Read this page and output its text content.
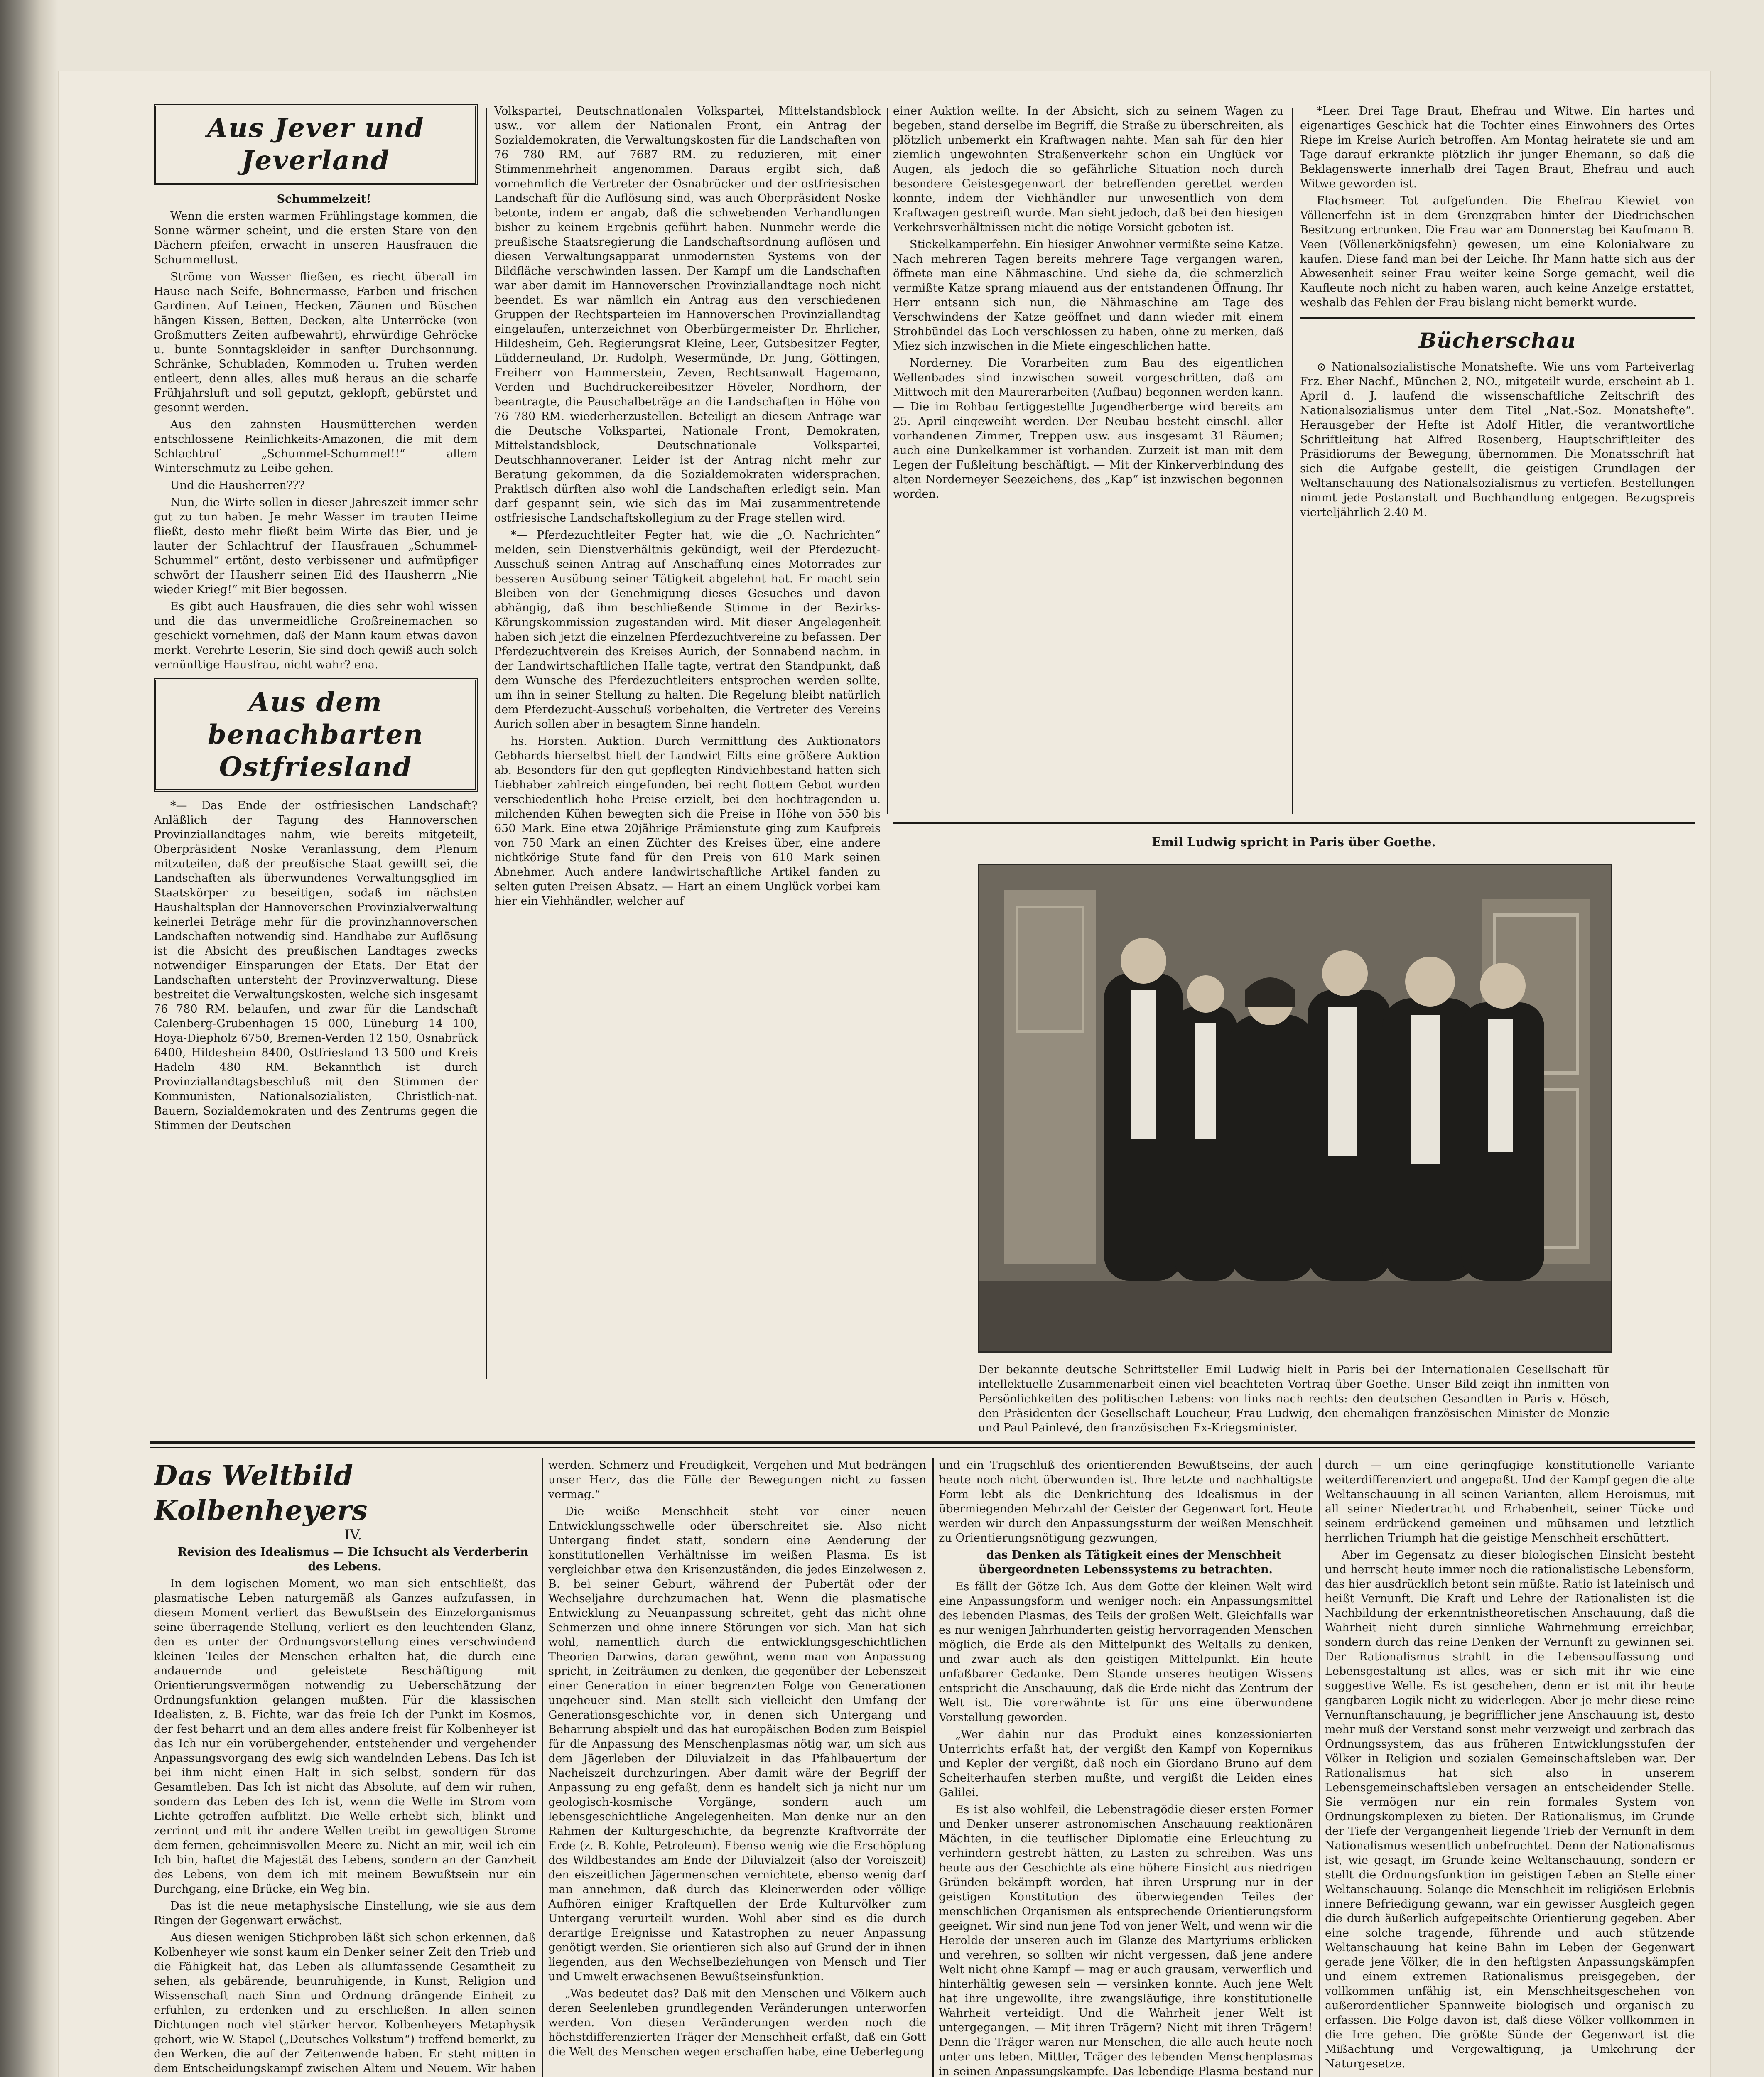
Aus Jever und Jeverland

Schummelzeit!

Wenn die ersten warmen Frühlingstage kommen, die Sonne wärmer scheint, und die ersten Stare von den Dächern pfeifen, erwacht in unseren Hausfrauen die Schummellust.

Ströme von Wasser fließen, es riecht überall im Hause nach Seife, Bohnermasse, Farben und frischen Gardinen. Auf Leinen, Hecken, Zäunen und Büschen hängen Kissen, Betten, Decken, alte Unterröcke (von Großmutters Zeiten aufbewahrt), ehrwürdige Gehröcke u. bunte Sonntagskleider in sanfter Durchsonnung. Schränke, Schubladen, Kommoden u. Truhen werden entleert, denn alles, alles muß heraus an die scharfe Frühjahrsluft und soll geputzt, geklopft, gebürstet und gesonnt werden.

Aus den zahnsten Hausmütterchen werden entschlossene Reinlichkeits-Amazonen, die mit dem Schlachtruf „Schummel-Schummel!!“ allem Winterschmutz zu Leibe gehen.

Und die Hausherren???

Nun, die Wirte sollen in dieser Jahreszeit immer sehr gut zu tun haben. Je mehr Wasser im trauten Heime fließt, desto mehr fließt beim Wirte das Bier, und je lauter der Schlachtruf der Hausfrauen „Schummel-Schummel“ ertönt, desto verbissener und aufmüpfiger schwört der Hausherr seinen Eid des Hausherrn „Nie wieder Krieg!“ mit Bier begossen.

Es gibt auch Hausfrauen, die dies sehr wohl wissen und die das unvermeidliche Großreinemachen so geschickt vornehmen, daß der Mann kaum etwas davon merkt. Verehrte Leserin, Sie sind doch gewiß auch solch vernünftige Hausfrau, nicht wahr? ena.

Aus dem benachbarten Ostfriesland

*— Das Ende der ostfriesischen Landschaft? Anläßlich der Tagung des Hannoverschen Provinziallandtages nahm, wie bereits mitgeteilt, Oberpräsident Noske Veranlassung, dem Plenum mitzuteilen, daß der preußische Staat gewillt sei, die Landschaften als überwundenes Verwaltungsglied im Staatskörper zu beseitigen, sodaß im nächsten Haushaltsplan der Hannoverschen Provinzialverwaltung keinerlei Beträge mehr für die provinzhannoverschen Landschaften notwendig sind. Handhabe zur Auflösung ist die Absicht des preußischen Landtages zwecks notwendiger Einsparungen der Etats. Der Etat der Landschaften untersteht der Provinzverwaltung. Diese bestreitet die Verwaltungskosten, welche sich insgesamt 76 780 RM. belaufen, und zwar für die Landschaft Calenberg-Grubenhagen 15 000, Lüneburg 14 100, Hoya-Diepholz 6750, Bremen-Verden 12 150, Osnabrück 6400, Hildesheim 8400, Ostfriesland 13 500 und Kreis Hadeln 480 RM. Bekanntlich ist durch Provinziallandtagsbeschluß mit den Stimmen der Kommunisten, Nationalsozialisten, Christlich-nat. Bauern, Sozialdemokraten und des Zentrums gegen die Stimmen der Deutschen

Volkspartei, Deutschnationalen Volkspartei, Mittelstandsblock usw., vor allem der Nationalen Front, ein Antrag der Sozialdemokraten, die Verwaltungskosten für die Landschaften von 76 780 RM. auf 7687 RM. zu reduzieren, mit einer Stimmenmehrheit angenommen. Daraus ergibt sich, daß vornehmlich die Vertreter der Osnabrücker und der ostfriesischen Landschaft für die Auflösung sind, was auch Oberpräsident Noske betonte, indem er angab, daß die schwebenden Verhandlungen bisher zu keinem Ergebnis geführt haben. Nunmehr werde die preußische Staatsregierung die Landschaftsordnung auflösen und diesen Verwaltungsapparat unmodernsten Systems von der Bildfläche verschwinden lassen. Der Kampf um die Landschaften war aber damit im Hannoverschen Provinziallandtage noch nicht beendet. Es war nämlich ein Antrag aus den verschiedenen Gruppen der Rechtsparteien im Hannoverschen Provinziallandtag eingelaufen, unterzeichnet von Oberbürgermeister Dr. Ehrlicher, Hildesheim, Geh. Regierungsrat Kleine, Leer, Gutsbesitzer Fegter, Lüdderneuland, Dr. Rudolph, Wesermünde, Dr. Jung, Göttingen, Freiherr von Hammerstein, Zeven, Rechtsanwalt Hagemann, Verden und Buchdruckereibesitzer Höveler, Nordhorn, der beantragte, die Pauschalbeträge an die Landschaften in Höhe von 76 780 RM. wiederherzustellen. Beteiligt an diesem Antrage war die Deutsche Volkspartei, Nationale Front, Demokraten, Mittelstandsblock, Deutschnationale Volkspartei, Deutschhannoveraner. Leider ist der Antrag nicht mehr zur Beratung gekommen, da die Sozialdemokraten widersprachen. Praktisch dürften also wohl die Landschaften erledigt sein. Man darf gespannt sein, wie sich das im Mai zusammentretende ostfriesische Landschaftskollegium zu der Frage stellen wird.

*— Pferdezuchtleiter Fegter hat, wie die „O. Nachrichten“ melden, sein Dienstverhältnis gekündigt, weil der Pferdezucht-Ausschuß seinen Antrag auf Anschaffung eines Motorrades zur besseren Ausübung seiner Tätigkeit abgelehnt hat. Er macht sein Bleiben von der Genehmigung dieses Gesuches und davon abhängig, daß ihm beschließende Stimme in der Bezirks-Körungskommission zugestanden wird. Mit dieser Angelegenheit haben sich jetzt die einzelnen Pferdezuchtvereine zu befassen. Der Pferdezuchtverein des Kreises Aurich, der Sonnabend nachm. in der Landwirtschaftlichen Halle tagte, vertrat den Standpunkt, daß dem Wunsche des Pferdezuchtleiters entsprochen werden sollte, um ihn in seiner Stellung zu halten. Die Regelung bleibt natürlich dem Pferdezucht-Ausschuß vorbehalten, die Vertreter des Vereins Aurich sollen aber in besagtem Sinne handeln.

hs. Horsten. Auktion. Durch Vermittlung des Auktionators Gebhards hierselbst hielt der Landwirt Eilts eine größere Auktion ab. Besonders für den gut gepflegten Rindviehbestand hatten sich Liebhaber zahlreich eingefunden, bei recht flottem Gebot wurden verschiedentlich hohe Preise erzielt, bei den hochtragenden u. milchenden Kühen bewegten sich die Preise in Höhe von 550 bis 650 Mark. Eine etwa 20jährige Prämienstute ging zum Kaufpreis von 750 Mark an einen Züchter des Kreises über, eine andere nichtkörige Stute fand für den Preis von 610 Mark seinen Abnehmer. Auch andere landwirtschaftliche Artikel fanden zu selten guten Preisen Absatz. — Hart an einem Unglück vorbei kam hier ein Viehhändler, welcher auf

einer Auktion weilte. In der Absicht, sich zu seinem Wagen zu begeben, stand derselbe im Begriff, die Straße zu überschreiten, als plötzlich unbemerkt ein Kraftwagen nahte. Man sah für den hier ziemlich ungewohnten Straßenverkehr schon ein Unglück vor Augen, als jedoch die so gefährliche Situation noch durch besondere Geistesgegenwart der betreffenden gerettet werden konnte, indem der Viehhändler nur unwesentlich von dem Kraftwagen gestreift wurde. Man sieht jedoch, daß bei den hiesigen Verkehrsverhältnissen nicht die nötige Vorsicht geboten ist.

Stickelkamperfehn. Ein hiesiger Anwohner vermißte seine Katze. Nach mehreren Tagen bereits mehrere Tage vergangen waren, öffnete man eine Nähmaschine. Und siehe da, die schmerzlich vermißte Katze sprang miauend aus der entstandenen Öffnung. Ihr Herr entsann sich nun, die Nähmaschine am Tage des Verschwindens der Katze geöffnet und dann wieder mit einem Strohbündel das Loch verschlossen zu haben, ohne zu merken, daß Miez sich inzwischen in die Miete eingeschlichen hatte.

Norderney. Die Vorarbeiten zum Bau des eigentlichen Wellenbades sind inzwischen soweit vorgeschritten, daß am Mittwoch mit den Maurerarbeiten (Aufbau) begonnen werden kann. — Die im Rohbau fertiggestellte Jugendherberge wird bereits am 25. April eingeweiht werden. Der Neubau besteht einschl. aller vorhandenen Zimmer, Treppen usw. aus insgesamt 31 Räumen; auch eine Dunkelkammer ist vorhanden. Zurzeit ist man mit dem Legen der Fußleitung beschäftigt. — Mit der Kinkerverbindung des alten Norderneyer Seezeichens, des „Kap“ ist inzwischen begonnen worden.

*Leer. Drei Tage Braut, Ehefrau und Witwe. Ein hartes und eigenartiges Geschick hat die Tochter eines Einwohners des Ortes Riepe im Kreise Aurich betroffen. Am Montag heiratete sie und am Tage darauf erkrankte plötzlich ihr junger Ehemann, so daß die Beklagenswerte innerhalb drei Tagen Braut, Ehefrau und auch Witwe geworden ist.

Flachsmeer. Tot aufgefunden. Die Ehefrau Kiewiet von Völlenerfehn ist in dem Grenzgraben hinter der Diedrichschen Besitzung ertrunken. Die Frau war am Donnerstag bei Kaufmann B. Veen (Völlenerkönigsfehn) gewesen, um eine Kolonialware zu kaufen. Diese fand man bei der Leiche. Ihr Mann hatte sich aus der Abwesenheit seiner Frau weiter keine Sorge gemacht, weil die Kaufleute noch nicht zu haben waren, auch keine Anzeige erstattet, weshalb das Fehlen der Frau bislang nicht bemerkt wurde.

Bücherschau

⊙ Nationalsozialistische Monatshefte. Wie uns vom Parteiverlag Frz. Eher Nachf., München 2, NO., mitgeteilt wurde, erscheint ab 1. April d. J. laufend die wissenschaftliche Zeitschrift des Nationalsozialismus unter dem Titel „Nat.-Soz. Monatshefte“. Herausgeber der Hefte ist Adolf Hitler, die verantwortliche Schriftleitung hat Alfred Rosenberg, Hauptschriftleiter des Präsidiorums der Bewegung, übernommen. Die Monatsschrift hat sich die Aufgabe gestellt, die geistigen Grundlagen der Weltanschauung des Nationalsozialismus zu vertiefen. Bestellungen nimmt jede Postanstalt und Buchhandlung entgegen. Bezugspreis vierteljährlich 2.40 M.

Emil Ludwig spricht in Paris über Goethe.

Der bekannte deutsche Schriftsteller Emil Ludwig hielt in Paris bei der Internationalen Gesellschaft für intellektuelle Zusammenarbeit einen viel beachteten Vortrag über Goethe. Unser Bild zeigt ihn inmitten von Persönlichkeiten des politischen Lebens: von links nach rechts: den deutschen Gesandten in Paris v. Hösch, den Präsidenten der Gesellschaft Loucheur, Frau Ludwig, den ehemaligen französischen Minister de Monzie und Paul Painlevé, den französischen Ex-Kriegsminister.

Das Weltbild Kolbenheyers

IV.

Revision des Idealismus — Die Ichsucht als Verderberin des Lebens.

In dem logischen Moment, wo man sich entschließt, das plasmatische Leben naturgemäß als Ganzes aufzufassen, in diesem Moment verliert das Bewußtsein des Einzelorganismus seine überragende Stellung, verliert es den leuchtenden Glanz, den es unter der Ordnungsvorstellung eines verschwindend kleinen Teiles der Menschen erhalten hat, die durch eine andauernde und geleistete Beschäftigung mit Orientierungsvermögen notwendig zu Ueberschätzung der Ordnungsfunktion gelangen mußten. Für die klassischen Idealisten, z. B. Fichte, war das freie Ich der Punkt im Kosmos, der fest beharrt und an dem alles andere freist für Kolbenheyer ist das Ich nur ein vorübergehender, entstehender und vergehender Anpassungsvorgang des ewig sich wandelnden Lebens. Das Ich ist bei ihm nicht einen Halt in sich selbst, sondern für das Gesamtleben. Das Ich ist nicht das Absolute, auf dem wir ruhen, sondern das Leben des Ich ist, wenn die Welle im Strom vom Lichte getroffen aufblitzt. Die Welle erhebt sich, blinkt und zerrinnt und mit ihr andere Wellen treibt im gewaltigen Strome dem fernen, geheimnisvollen Meere zu. Nicht an mir, weil ich ein Ich bin, haftet die Majestät des Lebens, sondern an der Ganzheit des Lebens, von dem ich mit meinem Bewußtsein nur ein Durchgang, eine Brücke, ein Weg bin.

Das ist die neue metaphysische Einstellung, wie sie aus dem Ringen der Gegenwart erwächst.

Aus diesen wenigen Stichproben läßt sich schon erkennen, daß Kolbenheyer wie sonst kaum ein Denker seiner Zeit den Trieb und die Fähigkeit hat, das Leben als allumfassende Gesamtheit zu sehen, als gebärende, beunruhigende, in Kunst, Religion und Wissenschaft nach Sinn und Ordnung drängende Einheit zu erfühlen, zu erdenken und zu erschließen. In allen seinen Dichtungen noch viel stärker hervor. Kolbenheyers Metaphysik gehört, wie W. Stapel („Deutsches Volkstum“) treffend bemerkt, zu den Werken, die auf der Zeitenwende haben. Er steht mitten in dem Entscheidungskampf zwischen Altem und Neuem. Wir haben

werden. Schmerz und Freudigkeit, Vergehen und Mut bedrängen unser Herz, das die Fülle der Bewegungen nicht zu fassen vermag.“

Die weiße Menschheit steht vor einer neuen Entwicklungsschwelle oder überschreitet sie. Also nicht Untergang findet statt, sondern eine Aenderung der konstitutionellen Verhältnisse im weißen Plasma. Es ist vergleichbar etwa den Krisenzuständen, die jedes Einzelwesen z. B. bei seiner Geburt, während der Pubertät oder der Wechseljahre durchzumachen hat. Wenn die plasmatische Entwicklung zu Neuanpassung schreitet, geht das nicht ohne Schmerzen und ohne innere Störungen vor sich. Man hat sich wohl, namentlich durch die entwicklungsgeschichtlichen Theorien Darwins, daran gewöhnt, wenn man von Anpassung spricht, in Zeiträumen zu denken, die gegenüber der Lebenszeit einer Generation in einer begrenzten Folge von Generationen ungeheuer sind. Man stellt sich vielleicht den Umfang der Generationsgeschichte vor, in denen sich Untergang und Beharrung abspielt und das hat europäischen Boden zum Beispiel für die Anpassung des Menschenplasmas nötig war, um sich aus dem Jägerleben der Diluvialzeit in das Pfahlbauertum der Nacheiszeit durchzuringen. Aber damit wäre der Begriff der Anpassung zu eng gefaßt, denn es handelt sich ja nicht nur um geologisch-kosmische Vorgänge, sondern auch um lebensgeschichtliche Angelegenheiten. Man denke nur an den Rahmen der Kulturgeschichte, da begrenzte Kraftvorräte der Erde (z. B. Kohle, Petroleum). Ebenso wenig wie die Erschöpfung des Wildbestandes am Ende der Diluvialzeit (also der Voreiszeit) den eiszeitlichen Jägermenschen vernichtete, ebenso wenig darf man annehmen, daß durch das Kleinerwerden oder völlige Aufhören einiger Kraftquellen der Erde Kulturvölker zum Untergang verurteilt wurden. Wohl aber sind es die durch derartige Ereignisse und Katastrophen zu neuer Anpassung genötigt werden. Sie orientieren sich also auf Grund der in ihnen liegenden, aus den Wechselbeziehungen von Mensch und Tier und Umwelt erwachsenen Bewußtseinsfunktion.

„Was bedeutet das? Daß mit den Menschen und Völkern auch deren Seelenleben grundlegenden Veränderungen unterworfen werden. Von diesen Veränderungen werden noch die höchstdifferenzierten Träger der Menschheit erfaßt, daß ein Gott die Welt des Menschen wegen erschaffen habe, eine Ueberlegung

und ein Trugschluß des orientierenden Bewußtseins, der auch heute noch nicht überwunden ist. Ihre letzte und nachhaltigste Form lebt als die Denkrichtung des Idealismus in der übermiegenden Mehrzahl der Geister der Gegenwart fort. Heute werden wir durch den Anpassungssturm der weißen Menschheit zu Orientierungsnötigung gezwungen,

das Denken als Tätigkeit eines der Menschheit übergeordneten Lebenssystems zu betrachten.

Es fällt der Götze Ich. Aus dem Gotte der kleinen Welt wird eine Anpassungsform und weniger noch: ein Anpassungsmittel des lebenden Plasmas, des Teils der großen Welt. Gleichfalls war es nur wenigen Jahrhunderten geistig hervorragenden Menschen möglich, die Erde als den Mittelpunkt des Weltalls zu denken, und zwar auch als den geistigen Mittelpunkt. Ein heute unfaßbarer Gedanke. Dem Stande unseres heutigen Wissens entspricht die Anschauung, daß die Erde nicht das Zentrum der Welt ist. Die vorerwähnte ist für uns eine überwundene Vorstellung geworden.

„Wer dahin nur das Produkt eines konzessionierten Unterrichts erfaßt hat, der vergißt den Kampf von Kopernikus und Kepler der vergißt, daß noch ein Giordano Bruno auf dem Scheiterhaufen sterben mußte, und vergißt die Leiden eines Galilei.

Es ist also wohlfeil, die Lebenstragödie dieser ersten Former und Denker unserer astronomischen Anschauung reaktionären Mächten, in die teuflischer Diplomatie eine Erleuchtung zu verhindern gestrebt hätten, zu Lasten zu schreiben. Was uns heute aus der Geschichte als eine höhere Einsicht aus niedrigen Gründen bekämpft worden, hat ihren Ursprung nur in der geistigen Konstitution des überwiegenden Teiles der menschlichen Organismen als entsprechende Orientierungsform geeignet. Wir sind nun jene Tod von jener Welt, und wenn wir die Herolde der unseren auch im Glanze des Martyriums erblicken und verehren, so sollten wir nicht vergessen, daß jene andere Welt nicht ohne Kampf — mag er auch grausam, verwerflich und hinterhältig gewesen sein — versinken konnte. Auch jene Welt hat ihre ungewollte, ihre zwangsläufige, ihre konstitutionelle Wahrheit verteidigt. Und die Wahrheit jener Welt ist untergegangen. — Mit ihren Trägern? Nicht mit ihren Trägern! Denn die Träger waren nur Menschen, die alle auch heute noch unter uns leben. Mittler, Träger des lebenden Menschenplasmas in seinen Anpassungskampfe. Das lebendige Plasma bestand nur

durch — um eine geringfügige konstitutionelle Variante weiterdifferenziert und angepaßt. Und der Kampf gegen die alte Weltanschauung in all seinen Varianten, allem Heroismus, mit all seiner Niedertracht und Erhabenheit, seiner Tücke und seinem erdrückend gemeinen und mühsamen und letztlich herrlichen Triumph hat die geistige Menschheit erschüttert.

Aber im Gegensatz zu dieser biologischen Einsicht besteht und herrscht heute immer noch die rationalistische Lebensform, das hier ausdrücklich betont sein müßte. Ratio ist lateinisch und heißt Vernunft. Die Kraft und Lehre der Rationalisten ist die Nachbildung der erkenntnistheoretischen Anschauung, daß die Wahrheit nicht durch sinnliche Wahrnehmung erreichbar, sondern durch das reine Denken der Vernunft zu gewinnen sei. Der Rationalismus strahlt in die Lebensauffassung und Lebensgestaltung ist alles, was er sich mit ihr wie eine suggestive Welle. Es ist geschehen, denn er ist mit ihr heute gangbaren Logik nicht zu widerlegen. Aber je mehr diese reine Vernunftanschauung, je begrifflicher jene Anschauung ist, desto mehr muß der Verstand sonst mehr verzweigt und zerbrach das Ordnungssystem, das aus früheren Entwicklungsstufen der Völker in Religion und sozialen Gemeinschaftsleben war. Der Rationalismus hat sich also in unserem Lebensgemeinschaftsleben versagen an entscheidender Stelle. Sie vermögen nur ein rein formales System von Ordnungskomplexen zu bieten. Der Rationalismus, im Grunde der Tiefe der Vergangenheit liegende Trieb der Vernunft in dem Nationalismus wesentlich unbefruchtet. Denn der Nationalismus ist, wie gesagt, im Grunde keine Weltanschauung, sondern er stellt die Ordnungsfunktion im geistigen Leben an Stelle einer Weltanschauung. Solange die Menschheit im religiösen Erlebnis innere Befriedigung gewann, war ein gewisser Ausgleich gegen die durch äußerlich aufgepeitschte Orientierung gegeben. Aber eine solche tragende, führende und auch stützende Weltanschauung hat keine Bahn im Leben der Gegenwart gerade jene Völker, die in den heftigsten Anpassungskämpfen und einem extremen Rationalismus preisgegeben, der vollkommen unfähig ist, ein Menschheitsgeschehen von außerordentlicher Spannweite biologisch und organisch zu erfassen. Die Folge davon ist, daß diese Völker vollkommen in die Irre gehen. Die größte Sünde der Gegenwart ist die Mißachtung und Vergewaltigung, ja Umkehrung der Naturgesetze.
